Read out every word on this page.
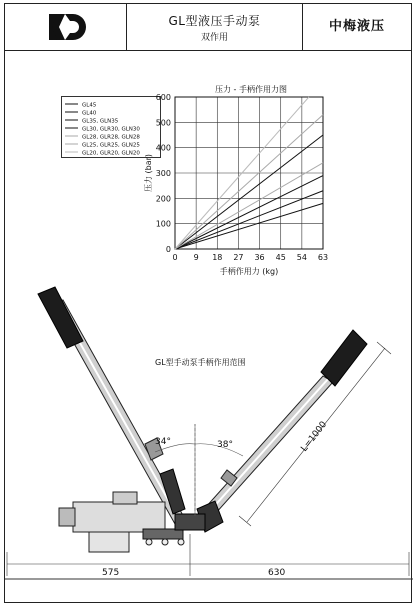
GL型液压手动泵
双作用
中梅液压
压力 - 手柄作用力图
GL45
GL40
GL35, GLN35
GL30, GLR30, GLN30
GL28, GLR28, GLN28
GL25, GLR25, GLN25
GL20, GLR20, GLN20
0 9 18 27 36 45 54 63
0
100
200
300
400
500
600
手柄作用力 (kg)
压力 (bar)
34°	38°
GL型手动泵手柄作用范围
L=1000
575	630
